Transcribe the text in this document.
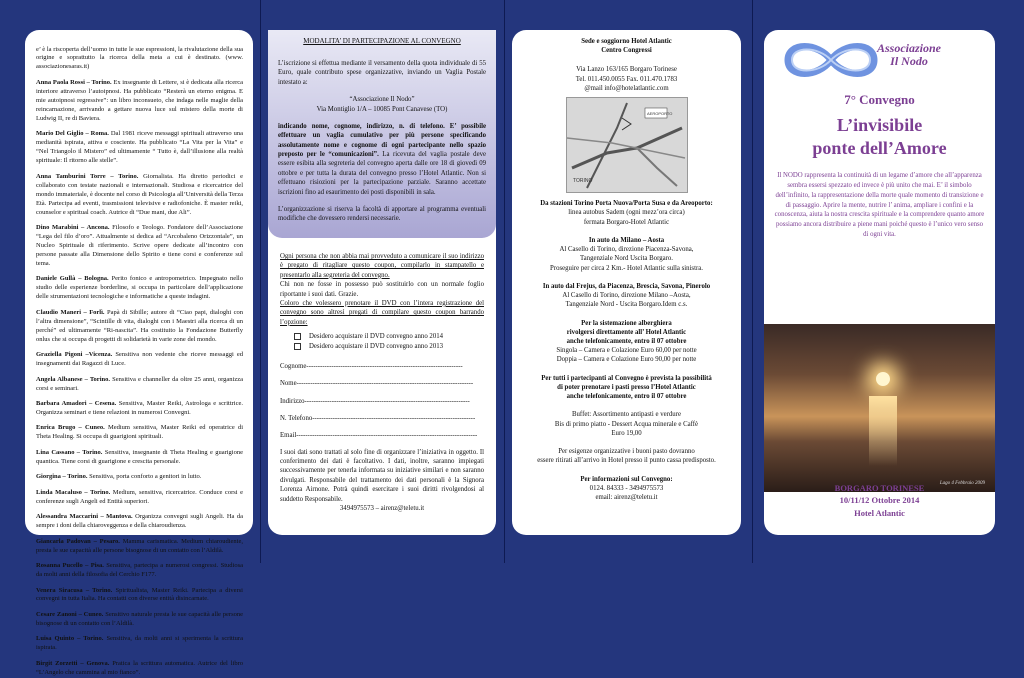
e’ è la riscoperta dell’uomo in tutte le sue espressioni, la rivalutazione della sua origine e soprattutto la ricerca della meta a cui è destinato. (www. associazionesaras.it)

Anna Paola Rossi – Torino. Ex insegnante di Lettere, si è dedicata alla ricerca interiore attraverso l’autoipnosi. Ha pubblicato “Resterà un eterno enigma. E mie autoipnosi regressive”: un libro inconsueto, che indaga nelle maglie della reincarnazione, arrivando a gettare nuova luce sul mistero della morte di Ludwig II, re di Baviera.

Mario Del Giglio – Roma. Dal 1981 riceve messaggi spirituali attraverso una medianità ispirata, attiva e cosciente. Ha pubblicato “La Vita per la Vita” e “Nel Triangolo il Mistero” ed ultimamente “ Tutto è, dall’illusione alla realtà spirituale: Il ritorno alle stelle”.

Anna Tamburini Torre – Torino. Giornalista. Ha diretto periodici e collaborato con testate nazionali e internazionali. Studiosa e ricercatrice del mondo immateriale, è docente nel corso di Psicologia all’Università della Terza Età. Partecipa ad eventi, trasmissioni televisive e radiofoniche. È master reiki, counselor e spiritual coach. Autrice di “Due mani, due Ali”.

Dino Marabini – Ancona. Filosofo e Teologo. Fondatore dell’Associazione “Lega del filo d’oro”. Attualmente si dedica ad “Arcobaleno Orizzontale”, un Nucleo Spirituale di riferimento. Scrive opere dedicate all’incontro con persone passate alla Dimensione dello Spirito e tiene corsi e conferenze sul tema.

Daniele Gullà – Bologna. Perito fonico e antropometrico. Impegnato nello studio delle esperienze borderline, si occupa in particolare dell’applicazione delle strumentazioni tecnologiche e informatiche a queste indagini.

Claudio Maneri – Forlì. Papà di Sibille; autore di “Ciao papi, dialoghi con l’altra dimensione”, “Scintille di vita, dialoghi con i Maestri alla ricerca di un perché” ed ultimamente “Ri-nascita”. Ha costituito la Fondazione Butterfly onlus che si occupa di progetti di solidarietà in varie zone del mondo.

Graziella Pigoni –Vicenza. Sensitiva non vedente che riceve messaggi ed insegnamenti dai Ragazzi di Luce.

Angela Albanese – Torino. Sensitiva e channeller da oltre 25 anni, organizza corsi e seminari.

Barbara Amadori – Cesena. Sensitiva, Master Reiki, Astrologa e scrittrice. Organizza seminari e tiene relazioni in numerosi Convegni.

Enrica Brugo – Cuneo. Medium sensitiva, Master Reiki ed operatrice di Theta Healing. Si occupa di guarigioni spirituali.

Lina Cassano – Torino. Sensitiva, insegnante di Theta Healing e guarigione quantica. Tiene corsi di guarigione e crescita personale.

Giorgina – Torino. Sensitiva, porta conforto a genitori in lutto.

Linda Macaluso – Torino. Medium, sensitiva, ricercatrice. Conduce corsi e conferenze sugli Angeli ed Entità superiori.

Alessandra Maccarini – Mantova. Organizza convegni sugli Angeli. Ha da sempre i doni della chiaroveggenza e della chiaroudienza.

Giancarla Padovan – Pesaro. Mamma carismatica. Medium chiaroudiente, presta le sue capacità alle persone bisognose di un contatto con l’Aldilà.

Rosanna Pucello – Pisa. Sensitiva, partecipa a numerosi congressi. Studiosa da molti anni della filosofia del Cerchio F177.

Venera Siracusa – Torino. Spiritualista, Master Reiki. Partecipa a diversi convegni in tutta Italia. Ha contatti con diverse entità disincarnate.

Cesare Zanoni – Cuneo. Sensitivo naturale presta le sue capacità alle persone bisognose di un contatto con l’Aldilà.

Luisa Quinto – Torino. Sensitiva, da molti anni si sperimenta la scrittura ispirata.

Birgit Zorzetti – Genova. Pratica la scrittura automatica. Autrice del libro “L’Angelo che cammina al mio fianco”.

MODALITA’ DI PARTECIPAZIONE AL CONVEGNO

L’iscrizione si effettua mediante il versamento della quota individuale di 55 Euro, quale contributo spese organizzative, inviando un Vaglia Postale intestato a:

“Associazione Il Nodo”

Via Montiglio 1/A – 10085 Pont Canavese (TO)

indicando nome, cognome, indirizzo, n. di telefono. E’ possibile effettuare un vaglia cumulativo per più persone specificando assolutamente nome e cognome di ogni partecipante nello spazio preposto per le “comunicazioni”. La ricevuta del vaglia postale deve essere esibita alla segreteria del convegno aperta dalle ore 18 di giovedì 09 ottobre e per tutta la durata del convegno presso l’Hotel Atlantic. Non si effettuano risiozioni per la partecipazione parziale. Saranno accettate iscrizioni fino ad esaurimento dei posti disponibili in sala.

L’organizzazione si riserva la facoltà di apportare al programma eventuali modifiche che dovessero rendersi necessarie.

Ogni persona che non abbia mai provveduto a comunicare il suo indirizzo è pregato di ritagliare questo coupon, compilarlo in stampatello e presentarlo alla segreteria del convegno.

Chi non ne fosse in possesso può sostituirlo con un normale foglio riportante i suoi dati. Grazie.

Coloro che volessero prenotare il DVD con l’intera registrazione del convegno sono altresì pregati di compilare questo coupon barrando l’opzione:

Desidero acquistare il DVD convegno anno 2014
Desidero acquistare il DVD convegno anno 2013
Cognome---------------------------------------------------------------------
Nome------------------------------------------------------------------------------
Indirizzo-------------------------------------------------------------------------
N. Telefono------------------------------------------------------------------------
Email--------------------------------------------------------------------------------

I suoi dati sono trattati al solo fine di organizzare l’iniziativa in oggetto. Il conferimento dei dati è facoltativo. I dati, inoltre, saranno impiegati successivamente per tenerla informata su iniziative similari e non saranno divulgati. Responsabile del trattamento dei dati personali è la Signora Lorenza Airnone. Potrà quindi esercitare i suoi diritti rivolgendosi al suddetto Responsabile.

3494975573 – airenz@teletu.it

Sede e soggiorno Hotel Atlantic

Centro Congressi

Via Lanzo 163/165 Borgaro Torinese

Tel. 011.450.0055 Fax. 011.470.1783

@mail info@hotelatlantic.com

TORINO
AEROPORTO

Da stazioni Torino Porta Nuova/Porta Susa e da Areoporto:

linea autobus Sadem (ogni mezz’ora circa)

fermata Borgaro-Hotel Atlantic

In auto da Milano – Aosta

Al Casello di Torino, direzione Piacenza-Savona,

Tangenziale Nord Uscita Borgaro.

Proseguire per circa 2 Km.- Hotel Atlantic sulla sinistra.

In auto dal Frejus, da Piacenza, Brescia, Savona, Pinerolo

Al Casello di Torino, direzione Milano –Aosta,

Tangenziale Nord - Uscita Borgaro.Idem c.s.

Per la sistemazione alberghiera

rivolgersi direttamente all’ Hotel Atlantic

anche telefonicamente, entro il 07 ottobre

Singola – Camera e Colazione Euro 60,00 per notte

Doppia – Camera e Colazione Euro 90,00 per notte

Per tutti i partecipanti al Convegno è prevista la possibilità

di poter prenotare i pasti presso l’Hotel Atlantic

anche telefonicamente, entro il 07 ottobre

Buffet: Assortimento antipasti e verdure

Bis di primo piatto - Dessert Acqua minerale e Caffè

Euro 19,00

Per esigenze organizzative i buoni pasto dovranno

essere ritirati all’arrivo in Hotel presso il punto cassa predisposto.

Per informazioni sul Convegno:

0124. 84333 - 3494975573

email: airenz@teletu.it

Associazione
Il Nodo
7° Convegno
L’invisibile
ponte dell’Amore
Il NODO rappresenta la continuità di un legame d’amore che all’apparenza sembra essersi spezzato ed invece è più unito che mai. E’ il simbolo dell’infinito, la rappresentazione della morte quale momento di transizione e di passaggio. Aprire la mente, nutrire l’ anima, ampliare i confini e la conoscenza, aiuta la nostra crescita spirituale e la comprendere quanto amore possiamo ancora distribuire a piene mani poiché questo è l’unico vero senso di ogni vita.
Lago 4 Febbraio 2009
BORGARO TORINESE
10/11/12 Ottobre 2014
Hotel Atlantic
